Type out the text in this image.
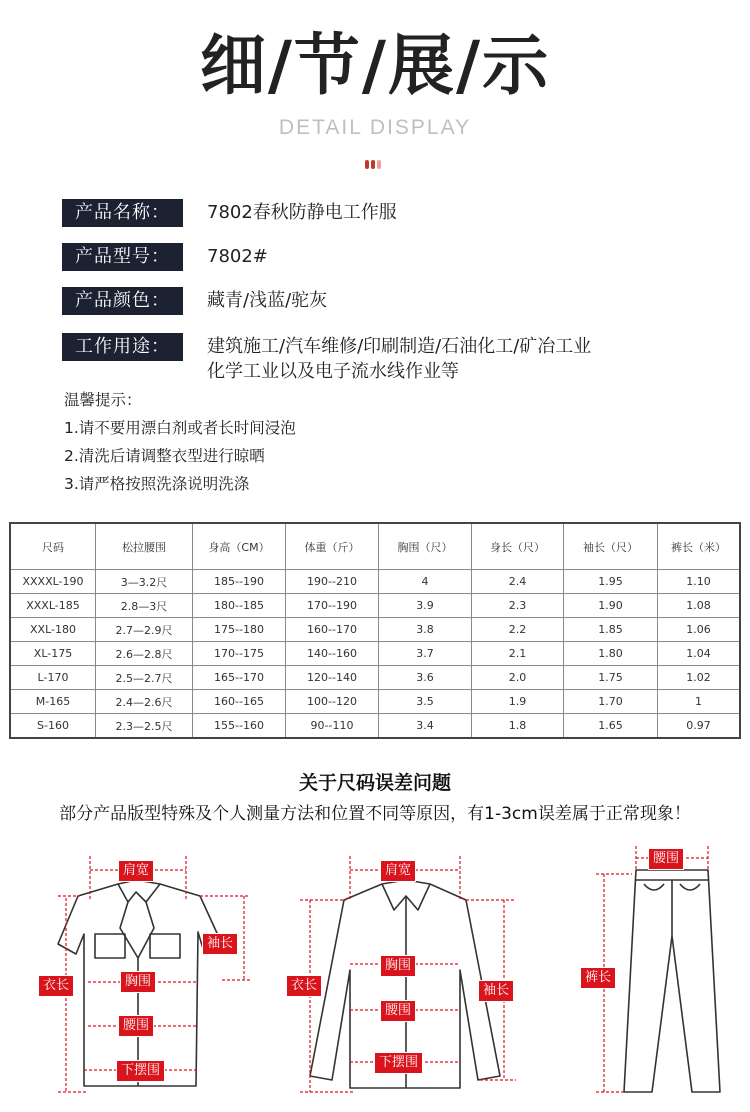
细/节/展/示
DETAIL DISPLAY
产品名称：	7802春秋防静电工作服
产品型号：	7802#
产品颜色：	藏青/浅蓝/驼灰
工作用途：	建筑施工/汽车维修/印刷制造/石油化工/矿冶工业
化学工业以及电子流水线作业等
温馨提示：
1.请不要用漂白剂或者长时间浸泡
2.清洗后请调整衣型进行晾晒
3.请严格按照洗涤说明洗涤
尺码	松拉腰围	身高（CM）	体重（斤）	胸围（尺）	身长（尺）	袖长（尺）	裤长（米）
XXXXL-190	3—3.2尺	185--190	190--210	4	2.4	1.95	1.10
XXXL-185	2.8—3尺	180--185	170--190	3.9	2.3	1.90	1.08
XXL-180	2.7—2.9尺	175--180	160--170	3.8	2.2	1.85	1.06
XL-175	2.6—2.8尺	170--175	140--160	3.7	2.1	1.80	1.04
L-170	2.5—2.7尺	165--170	120--140	3.6	2.0	1.75	1.02
M-165	2.4—2.6尺	160--165	100--120	3.5	1.9	1.70	1
S-160	2.3—2.5尺	155--160	90--110	3.4	1.8	1.65	0.97
关于尺码误差问题
部分产品版型特殊及个人测量方法和位置不同等原因，有1-3cm误差属于正常现象！
肩宽
袖长
衣长	胸围
腰围
下摆围
肩宽
衣长
胸围
袖长
腰围
下摆围
腰围
裤长
